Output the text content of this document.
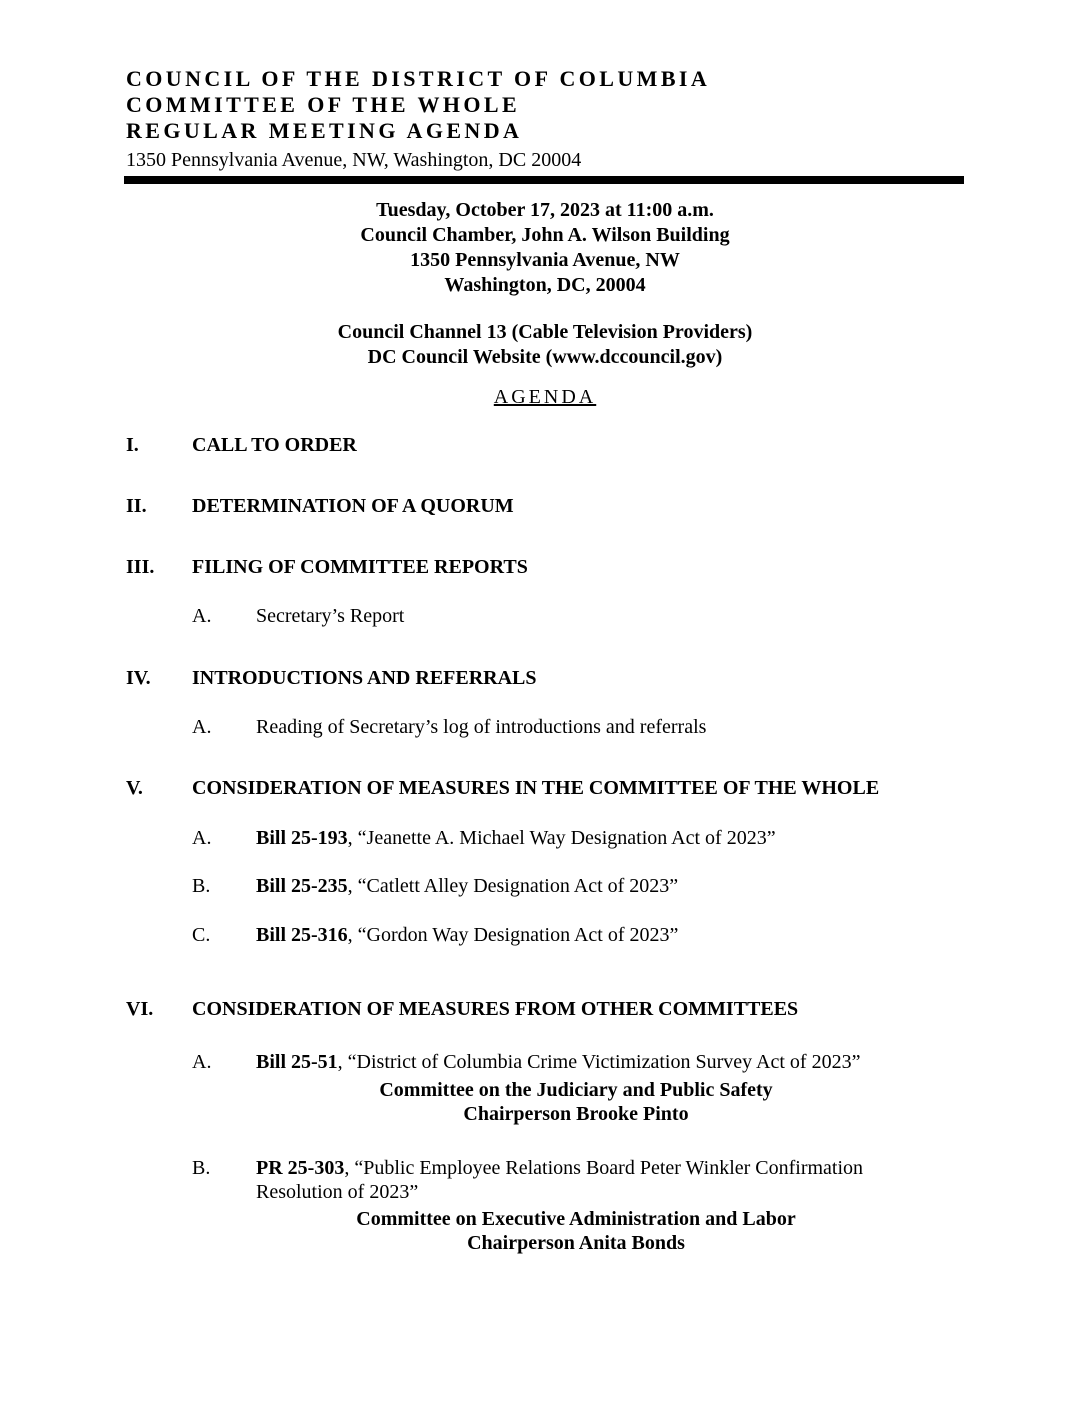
COUNCIL OF THE DISTRICT OF COLUMBIA
COMMITTEE OF THE WHOLE
REGULAR MEETING AGENDA
1350 Pennsylvania Avenue, NW, Washington, DC 20004
Tuesday, October 17, 2023 at 11:00 a.m.
Council Chamber, John A. Wilson Building
1350 Pennsylvania Avenue, NW
Washington, DC, 20004
Council Channel 13 (Cable Television Providers)
DC Council Website (www.dccouncil.gov)
AGENDA
I.	CALL TO ORDER
II. DETERMINATION OF A QUORUM
III. FILING OF COMMITTEE REPORTS
A. Secretary’s Report
IV. INTRODUCTIONS AND REFERRALS
A. Reading of Secretary’s log of introductions and referrals
V. CONSIDERATION OF MEASURES IN THE COMMITTEE OF THE WHOLE
A. Bill 25-193, “Jeanette A. Michael Way Designation Act of 2023”
B. Bill 25-235, “Catlett Alley Designation Act of 2023”
C. Bill 25-316, “Gordon Way Designation Act of 2023”
VI. CONSIDERATION OF MEASURES FROM OTHER COMMITTEES
A. Bill 25-51, “District of Columbia Crime Victimization Survey Act of 2023”
Committee on the Judiciary and Public Safety
Chairperson Brooke Pinto
B. PR 25-303, “Public Employee Relations Board Peter Winkler Confirmation Resolution of 2023”
Committee on Executive Administration and Labor
Chairperson Anita Bonds
